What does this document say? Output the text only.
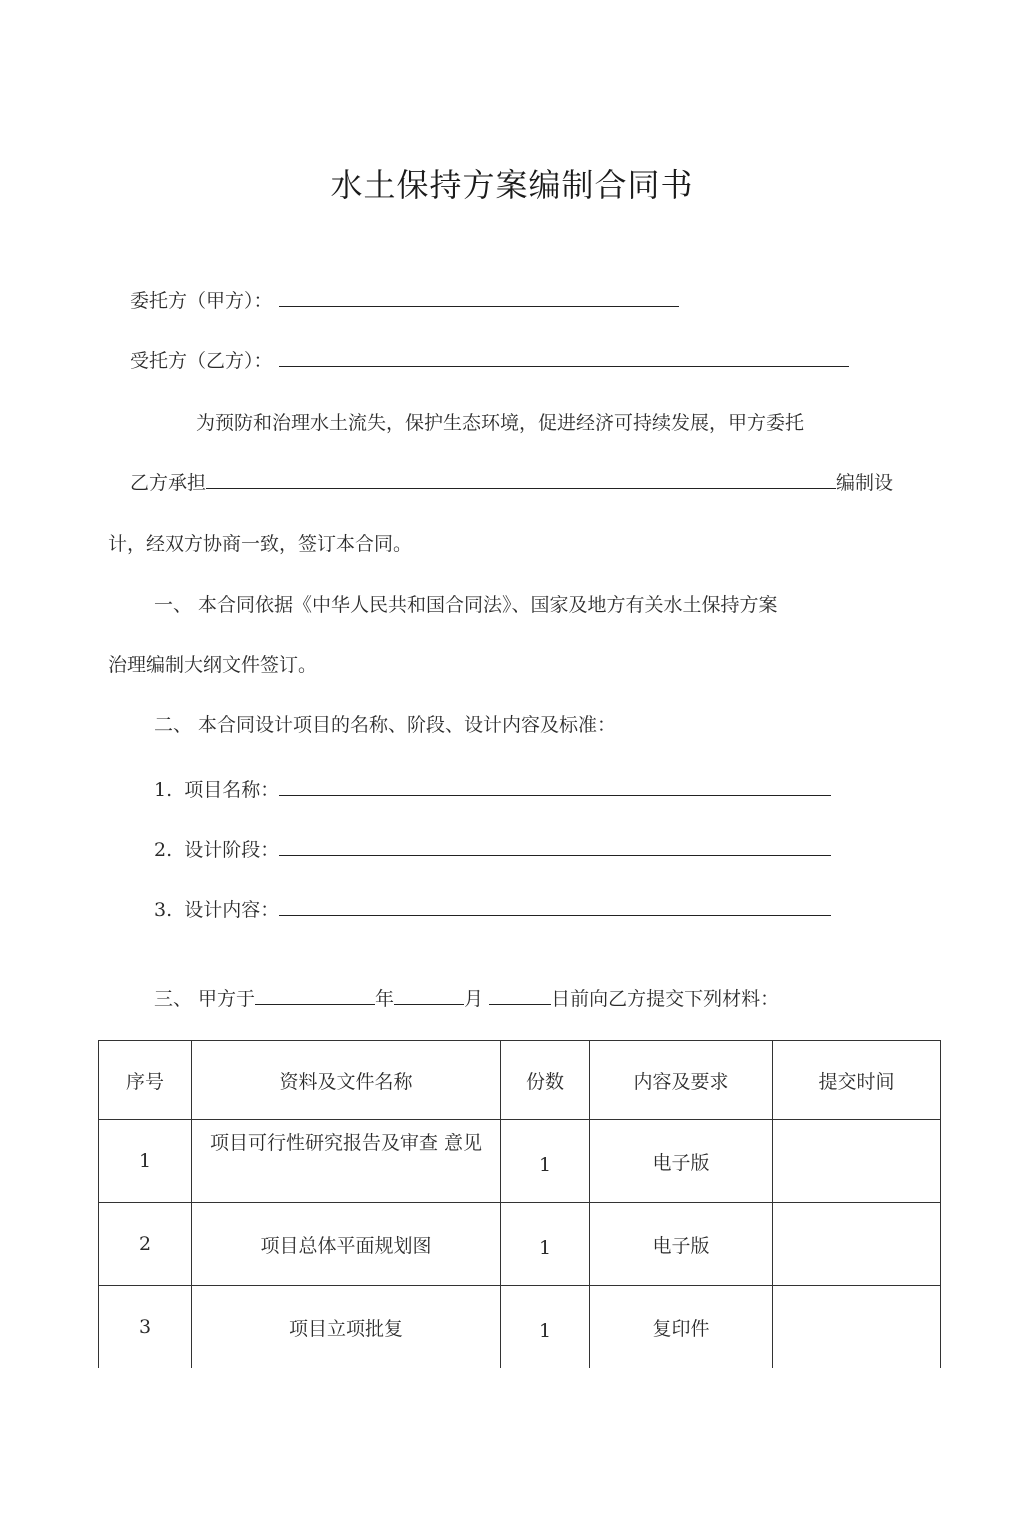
水土保持方案编制合同书
委托方（甲方）：
受托方（乙方）：
为预防和治理水土流失，保护生态环境，促进经济可持续发展，甲方委托
乙方承担	编制设
计，经双方协商一致，签订本合同。
一、 本合同依据《中华人民共和国合同法》、国家及地方有关水土保持方案
治理编制大纲文件签订。
二、 本合同设计项目的名称、阶段、设计内容及标准：
1. 项目名称：
2. 设计阶段：
3. 设计内容：
三、 甲方于	年	月	日前向乙方提交下列材料：
序号	资料及文件名称	份数	内容及要求	提交时间
1	项目可行性研究报告及审查 意见	1	电子版	
2	项目总体平面规划图	1	电子版	
3	项目立项批复	1	复印件	
